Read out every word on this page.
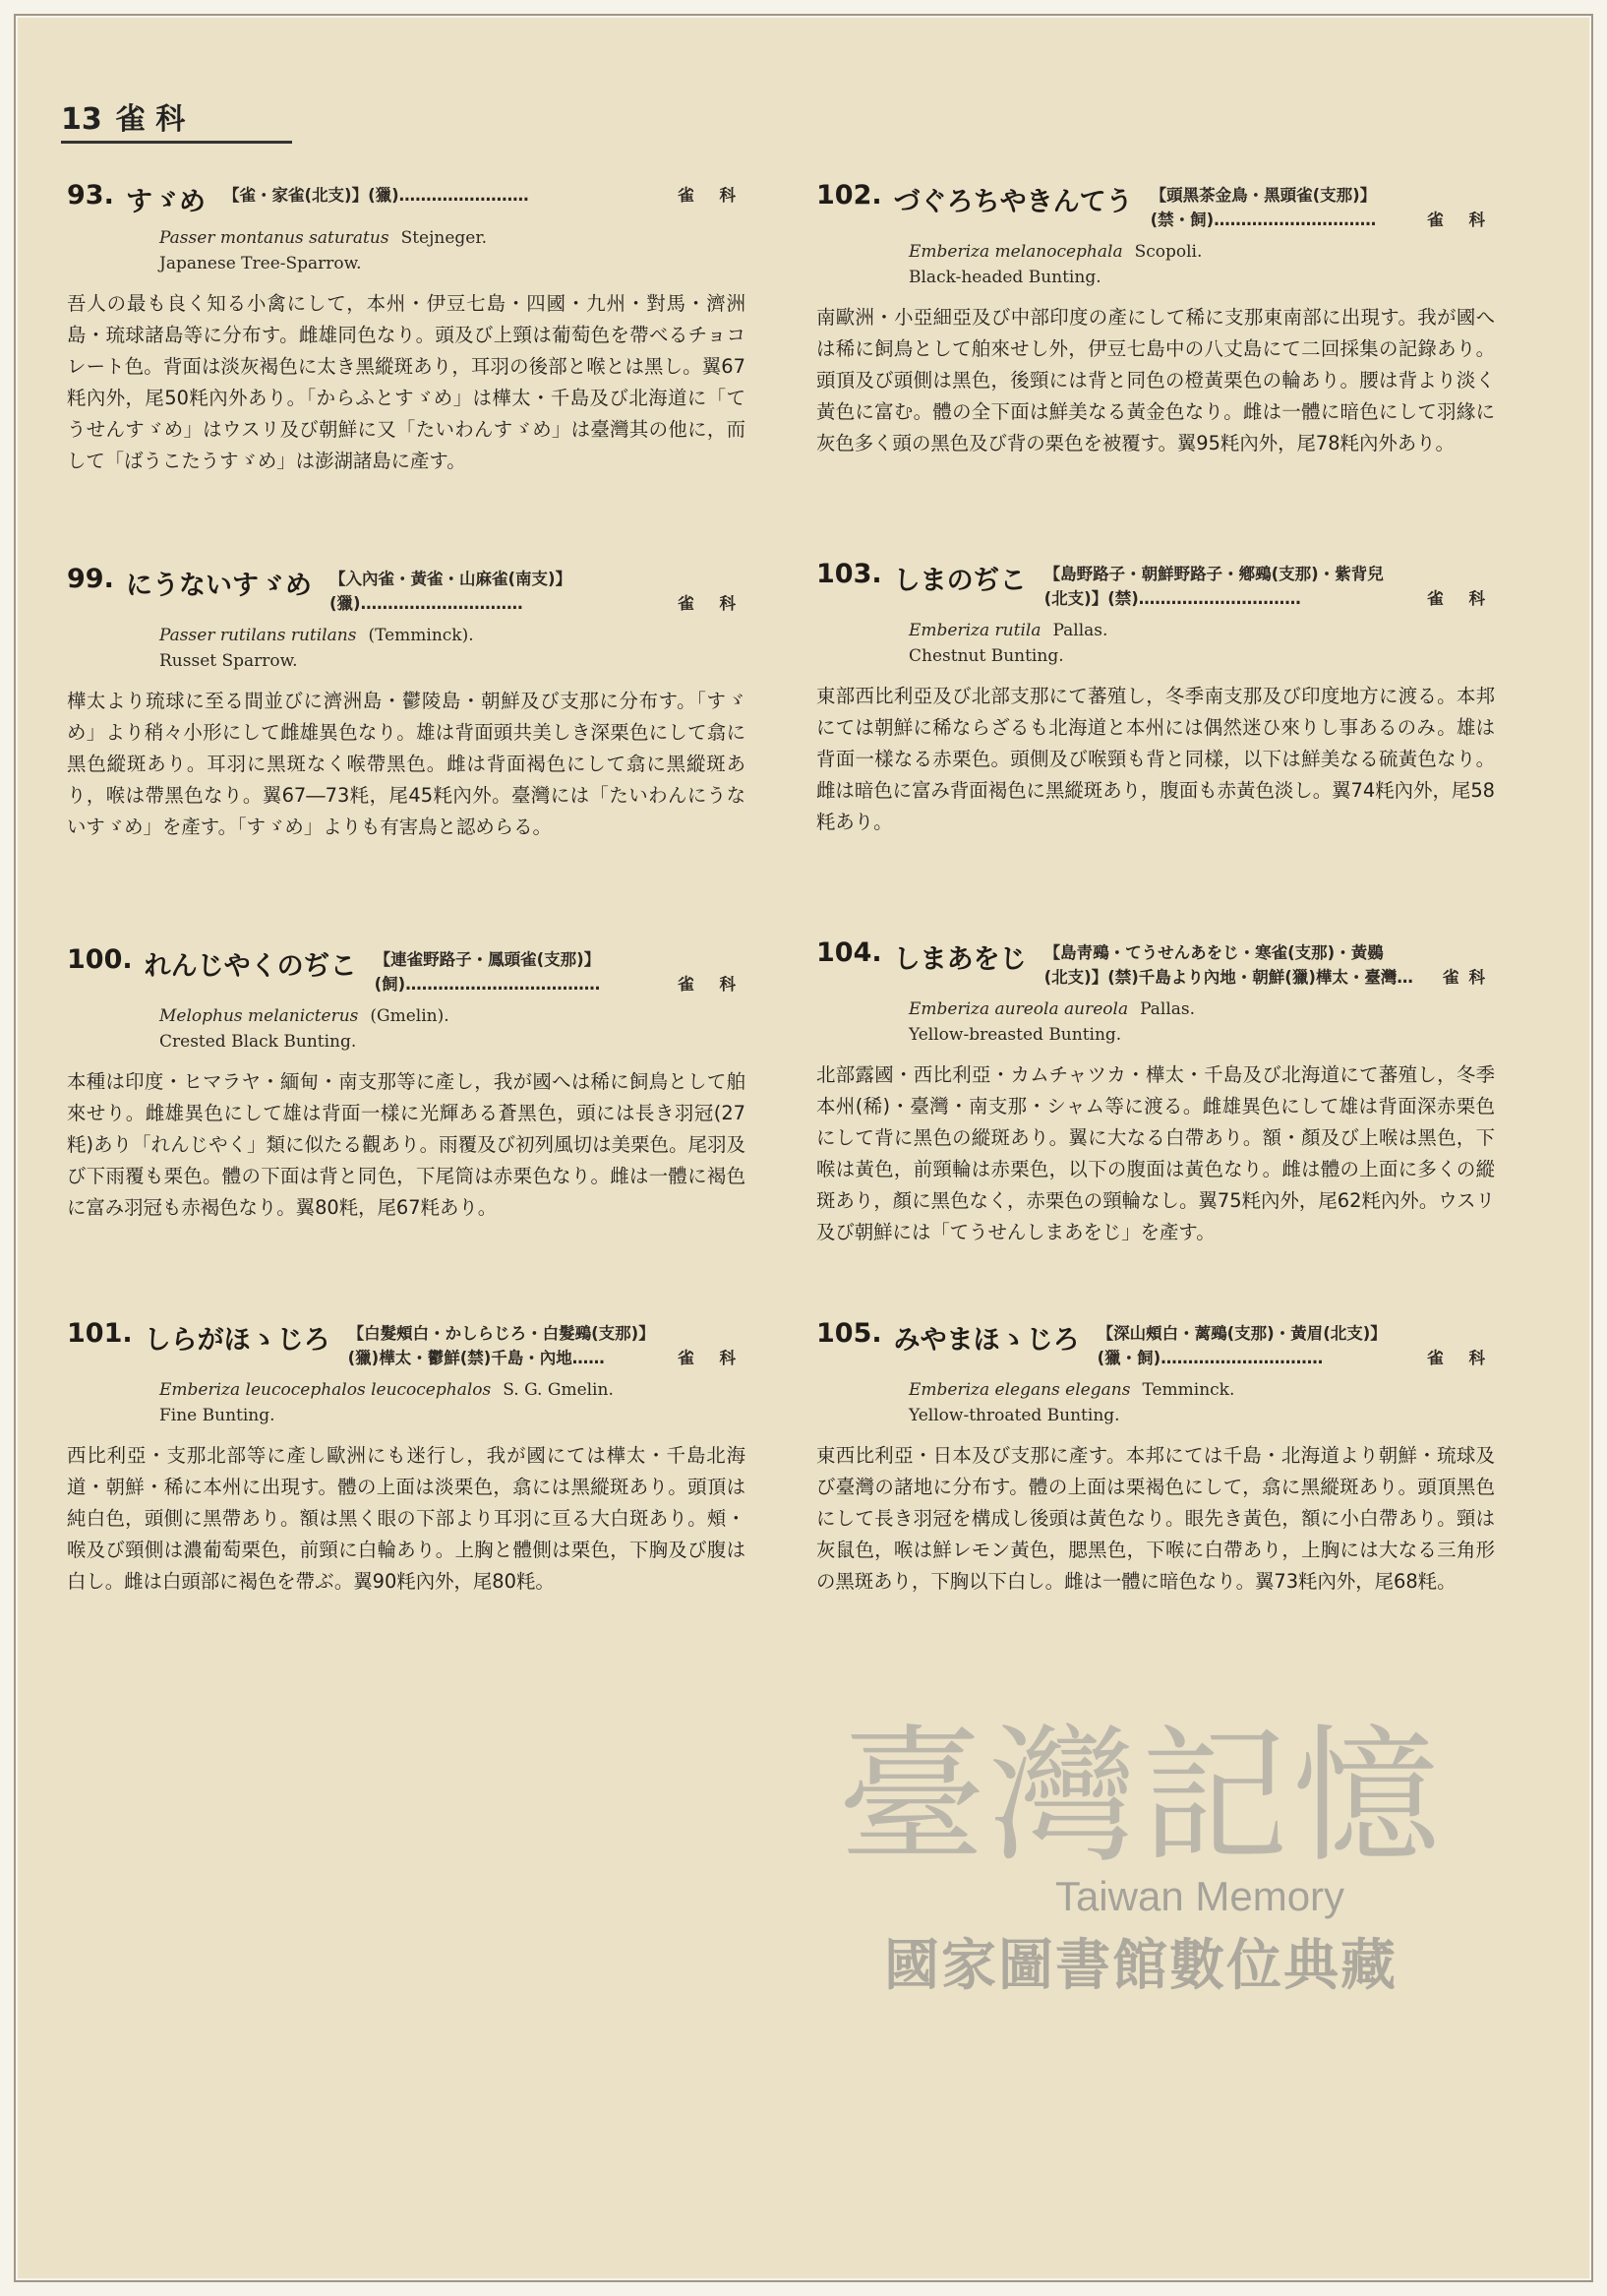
13 雀 科
93. すゞめ 【雀・家雀(北支)】(獵)……………………	雀 科
Passer montanus saturatus Stejneger.
Japanese Tree-Sparrow.
吾人の最も良く知る小禽にして，本州・伊豆七島・四國・九州・對馬・濟洲島・琉球諸島等に分布す。雌雄同色なり。頭及び上頸は葡萄色を帶べるチョコレート色。背面は淡灰褐色に太き黑縱斑あり，耳羽の後部と喉とは黑し。翼67粍內外，尾50粍內外あり。「からふとすゞめ」は樺太・千島及び北海道に「てうせんすゞめ」はウスリ及び朝鮮に又「たいわんすゞめ」は臺灣其の他に，而して「ばうこたうすゞめ」は澎湖諸島に產す。
99. にうないすゞめ 【入內雀・黃雀・山麻雀(南支)】
(獵)…………………………	雀 科
Passer rutilans rutilans (Temminck).
Russet Sparrow.
樺太より琉球に至る間並びに濟洲島・鬱陵島・朝鮮及び支那に分布す。「すゞめ」より稍々小形にして雌雄異色なり。雄は背面頭共美しき深栗色にして翕に黑色縱斑あり。耳羽に黑斑なく喉帶黑色。雌は背面褐色にして翕に黑縱斑あり，喉は帶黑色なり。翼67―73粍，尾45粍內外。臺灣には「たいわんにうないすゞめ」を產す。「すゞめ」よりも有害鳥と認めらる。
100. れんじやくのぢこ 【連雀野路子・鳳頭雀(支那)】
(飼)………………………………	雀 科
Melophus melanicterus (Gmelin).
Crested Black Bunting.
本種は印度・ヒマラヤ・緬甸・南支那等に產し，我が國へは稀に飼鳥として舶來せり。雌雄異色にして雄は背面一樣に光輝ある蒼黑色，頭には長き羽冠(27粍)あり「れんじやく」類に似たる觀あり。雨覆及び初列風切は美栗色。尾羽及び下雨覆も栗色。體の下面は背と同色，下尾筒は赤栗色なり。雌は一體に褐色に富み羽冠も赤褐色なり。翼80粍，尾67粍あり。
101. しらがほゝじろ 【白髮頰白・かしらじろ・白髮鵐(支那)】
(獵)樺太・鬱鮮(禁)千島・內地……	雀 科
Emberiza leucocephalos leucocephalos S. G. Gmelin.
Fine Bunting.
西比利亞・支那北部等に產し歐洲にも迷行し，我が國にては樺太・千島北海道・朝鮮・稀に本州に出現す。體の上面は淡栗色，翕には黑縱斑あり。頭頂は純白色，頭側に黑帶あり。額は黑く眼の下部より耳羽に亘る大白斑あり。頰・喉及び頸側は濃葡萄栗色，前頸に白輪あり。上胸と體側は栗色，下胸及び腹は白し。雌は白頭部に褐色を帶ぶ。翼90粍內外，尾80粍。
102. づぐろちやきんてう 【頭黑茶金鳥・黑頭雀(支那)】
(禁・飼)…………………………	雀 科
Emberiza melanocephala Scopoli.
Black-headed Bunting.
南歐洲・小亞細亞及び中部印度の產にして稀に支那東南部に出現す。我が國へは稀に飼鳥として舶來せし外，伊豆七島中の八丈島にて二回採集の記錄あり。頭頂及び頭側は黑色，後頸には背と同色の橙黃栗色の輪あり。腰は背より淡く黃色に富む。體の全下面は鮮美なる黃金色なり。雌は一體に暗色にして羽緣に灰色多く頭の黑色及び背の栗色を被覆す。翼95粍內外，尾78粍內外あり。
103. しまのぢこ 【島野路子・朝鮮野路子・鄕鵐(支那)・紫背兒
(北支)】(禁)…………………………	雀 科
Emberiza rutila Pallas.
Chestnut Bunting.
東部西比利亞及び北部支那にて蕃殖し，冬季南支那及び印度地方に渡る。本邦にては朝鮮に稀ならざるも北海道と本州には偶然迷ひ來りし事あるのみ。雄は背面一樣なる赤栗色。頭側及び喉頸も背と同樣，以下は鮮美なる硫黃色なり。雌は暗色に富み背面褐色に黑縱斑あり，腹面も赤黃色淡し。翼74粍內外，尾58粍あり。
104. しまあをじ 【島靑鵐・てうせんあをじ・寒雀(支那)・黃鷃
(北支)】(禁)千島より內地・朝鮮(獵)樺太・臺灣… 雀科
Emberiza aureola aureola Pallas.
Yellow-breasted Bunting.
北部露國・西比利亞・カムチャツカ・樺太・千島及び北海道にて蕃殖し，冬季本州(稀)・臺灣・南支那・シャム等に渡る。雌雄異色にして雄は背面深赤栗色にして背に黑色の縱斑あり。翼に大なる白帶あり。額・顏及び上喉は黑色，下喉は黃色，前頸輪は赤栗色，以下の腹面は黃色なり。雌は體の上面に多くの縱斑あり，顏に黑色なく，赤栗色の頸輪なし。翼75粍內外，尾62粍內外。ウスリ及び朝鮮には「てうせんしまあをじ」を產す。
105. みやまほゝじろ 【深山頰白・蓠鵐(支那)・黃眉(北支)】
(獵・飼)…………………………	雀 科
Emberiza elegans elegans Temminck.
Yellow-throated Bunting.
東西比利亞・日本及び支那に產す。本邦にては千島・北海道より朝鮮・琉球及び臺灣の諸地に分布す。體の上面は栗褐色にして，翕に黑縱斑あり。頭頂黑色にして長き羽冠を構成し後頭は黃色なり。眼先き黃色，額に小白帶あり。頸は灰鼠色，喉は鮮レモン黃色，腮黑色，下喉に白帶あり，上胸には大なる三角形の黑斑あり，下胸以下白し。雌は一體に暗色なり。翼73粍內外，尾68粍。
臺灣記憶
Taiwan Memory
國家圖書館數位典藏
